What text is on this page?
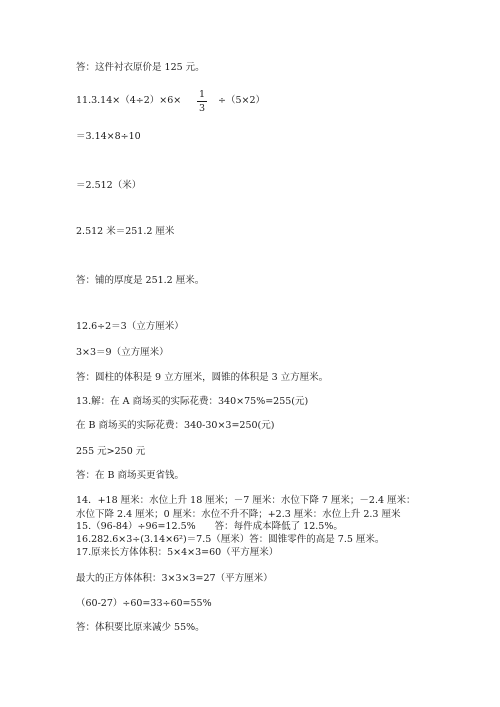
答：这件衬衣原价是 125 元。
11.3.14×（4÷2）×6×
1
3
÷（5×2）
＝3.14×8÷10
＝2.512（米）
2.512 米＝251.2 厘米
答：铺的厚度是 251.2 厘米。
12.6÷2＝3（立方厘米）
3×3＝9（立方厘米）
答：圆柱的体积是 9 立方厘米，圆锥的体积是 3 立方厘米。
13.解：在 A 商场买的实际花费：340×75%=255(元)
在 B 商场买的实际花费：340-30×3=250(元)
255 元>250 元
答：在 B 商场买更省钱。
14．+18 厘米：水位上升 18 厘米；－7 厘米：水位下降 7 厘米；－2.4 厘米：
水位下降 2.4 厘米；0 厘米：水位不升不降；+2.3 厘米：水位上升 2.3 厘米
15.（96-84）÷96=12.5%　　答：每件成本降低了 12.5%。
16.282.6×3÷(3.14×6²)＝7.5（厘米）答：圆锥零件的高是 7.5 厘米。
17.原来长方体体积：5×4×3=60（平方厘米）
最大的正方体体积：3×3×3=27（平方厘米）
（60-27）÷60=33÷60=55%
答：体积要比原来减少 55%。
